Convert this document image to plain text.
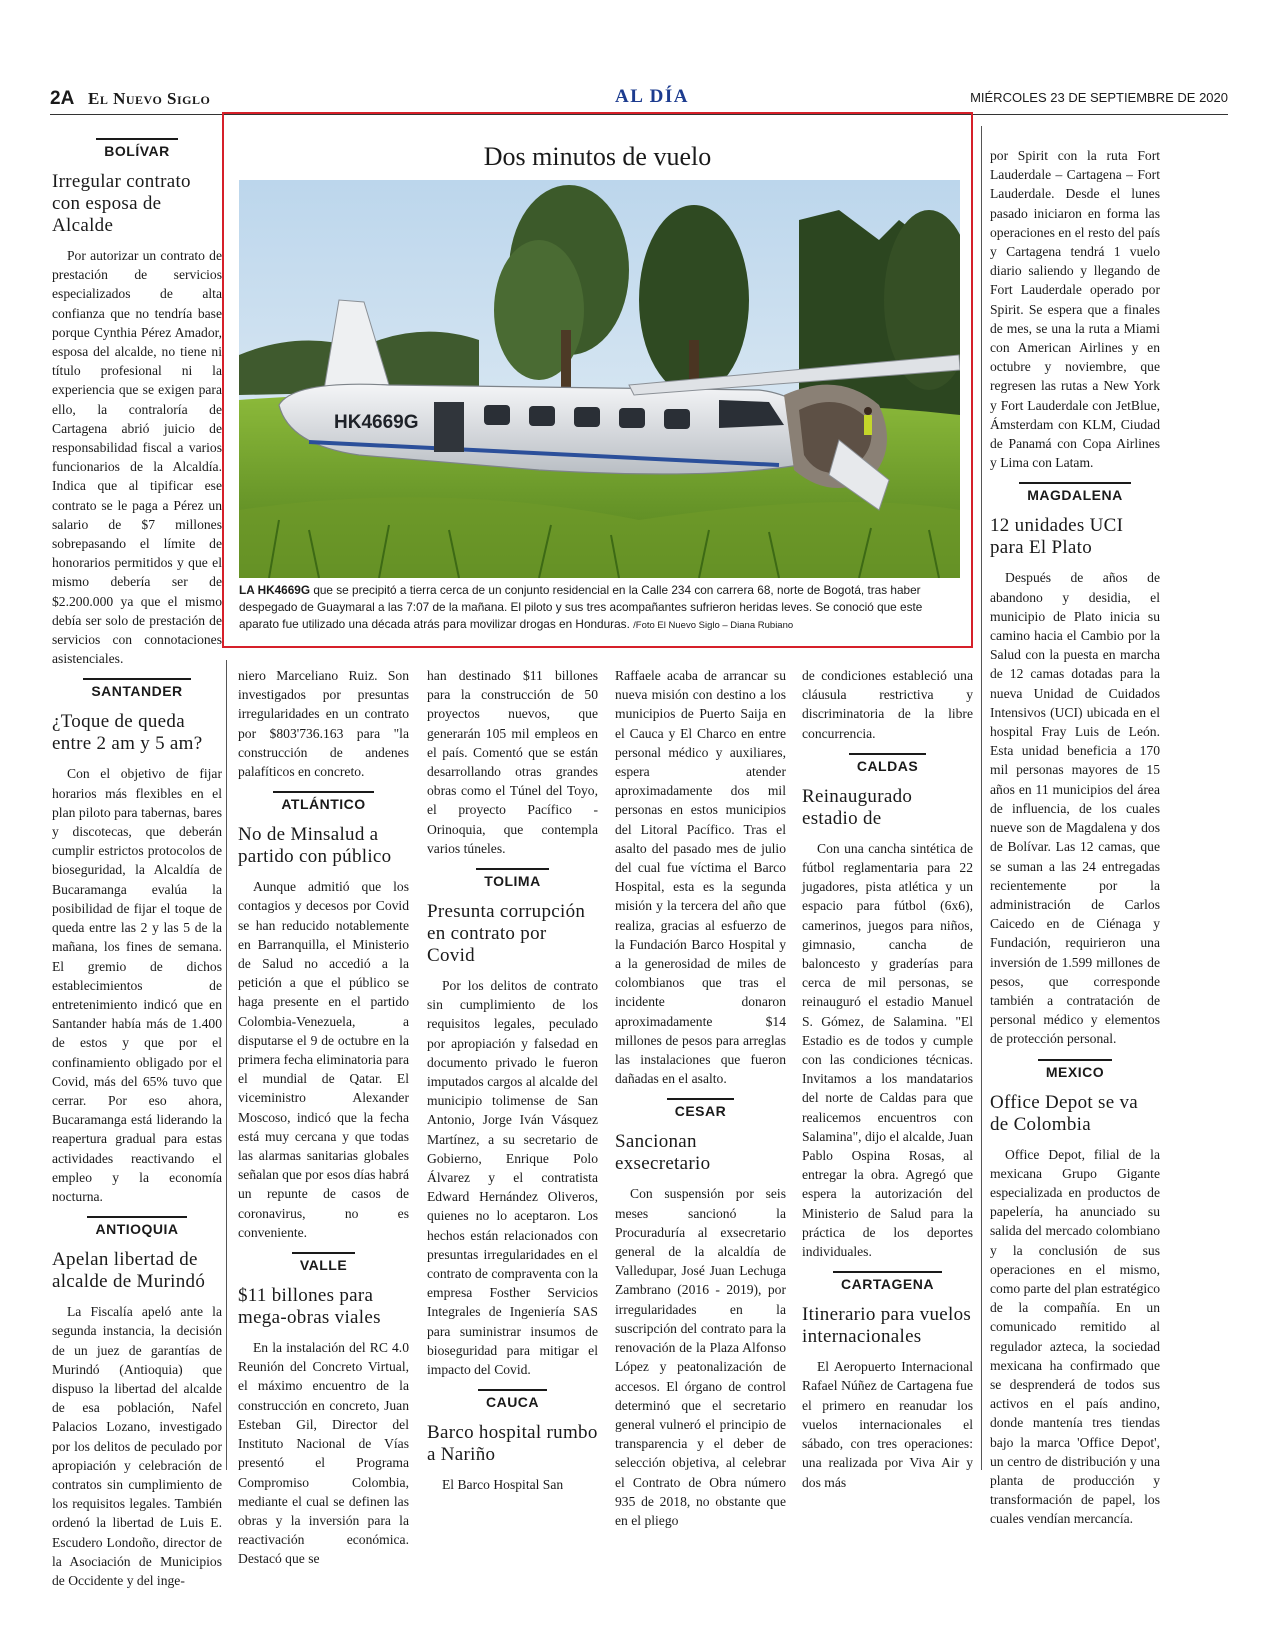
2A El Nuevo Siglo	AL DÍA	MIÉRCOLES 23 DE SEPTIEMBRE DE 2020
BOLÍVAR
Irregular contrato con esposa de Alcalde

Por autorizar un contrato de prestación de servicios especializados de alta confianza que no tendría base porque Cynthia Pérez Amador, esposa del alcalde, no tiene ni título profesional ni la experiencia que se exigen para ello, la contraloría de Cartagena abrió juicio de responsabilidad fiscal a varios funcionarios de la Alcaldía. Indica que al tipificar ese contrato se le paga a Pérez un salario de $7 millones sobrepasando el límite de honorarios permitidos y que el mismo debería ser de $2.200.000 ya que el mismo debía ser solo de prestación de servicios con connotaciones asistenciales.

SANTANDER
¿Toque de queda entre 2 am y 5 am?

Con el objetivo de fijar horarios más flexibles en el plan piloto para tabernas, bares y discotecas, que deberán cumplir estrictos protocolos de bioseguridad, la Alcaldía de Bucaramanga evalúa la posibilidad de fijar el toque de queda entre las 2 y las 5 de la mañana, los fines de semana. El gremio de dichos establecimientos de entretenimiento indicó que en Santander había más de 1.400 de estos y que por el confinamiento obligado por el Covid, más del 65% tuvo que cerrar. Por eso ahora, Bucaramanga está liderando la reapertura gradual para estas actividades reactivando el empleo y la economía nocturna.

ANTIOQUIA
Apelan libertad de alcalde de Murindó

La Fiscalía apeló ante la segunda instancia, la decisión de un juez de garantías de Murindó (Antioquia) que dispuso la libertad del alcalde de esa población, Nafel Palacios Lozano, investigado por los delitos de peculado por apropiación y celebración de contratos sin cumplimiento de los requisitos legales. También ordenó la libertad de Luis E. Escudero Londoño, director de la Asociación de Municipios de Occidente y del inge-

Dos minutos de vuelo
HK4669G
LA HK4669G que se precipitó a tierra cerca de un conjunto residencial en la Calle 234 con carrera 68, norte de Bogotá, tras haber despegado de Guaymaral a las 7:07 de la mañana. El piloto y sus tres acompañantes sufrieron heridas leves. Se conoció que este aparato fue utilizado una década atrás para movilizar drogas en Honduras. /Foto El Nuevo Siglo – Diana Rubiano

niero Marceliano Ruiz. Son investigados por presuntas irregularidades en un contrato por $803'736.163 para "la construcción de andenes palafíticos en concreto.

ATLÁNTICO
No de Minsalud a partido con público

Aunque admitió que los contagios y decesos por Covid se han reducido notablemente en Barranquilla, el Ministerio de Salud no accedió a la petición a que el público se haga presente en el partido Colombia-Venezuela, a disputarse el 9 de octubre en la primera fecha eliminatoria para el mundial de Qatar. El viceministro Alexander Moscoso, indicó que la fecha está muy cercana y que todas las alarmas sanitarias globales señalan que por esos días habrá un repunte de casos de coronavirus, no es conveniente.

VALLE
$11 billones para mega-obras viales

En la instalación del RC 4.0 Reunión del Concreto Virtual, el máximo encuentro de la construcción en concreto, Juan Esteban Gil, Director del Instituto Nacional de Vías presentó el Programa Compromiso Colombia, mediante el cual se definen las obras y la inversión para la reactivación económica. Destacó que se

han destinado $11 billones para la construcción de 50 proyectos nuevos, que generarán 105 mil empleos en el país. Comentó que se están desarrollando otras grandes obras como el Túnel del Toyo, el proyecto Pacífico - Orinoquia, que contempla varios túneles.

TOLIMA
Presunta corrupción en contrato por Covid

Por los delitos de contrato sin cumplimiento de los requisitos legales, peculado por apropiación y falsedad en documento privado le fueron imputados cargos al alcalde del municipio tolimense de San Antonio, Jorge Iván Vásquez Martínez, a su secretario de Gobierno, Enrique Polo Álvarez y el contratista Edward Hernández Oliveros, quienes no lo aceptaron. Los hechos están relacionados con presuntas irregularidades en el contrato de compraventa con la empresa Fosther Servicios Integrales de Ingeniería SAS para suministrar insumos de bioseguridad para mitigar el impacto del Covid.

CAUCA
Barco hospital rumbo a Nariño

El Barco Hospital San

Raffaele acaba de arrancar su nueva misión con destino a los municipios de Puerto Saija en el Cauca y El Charco en entre personal médico y auxiliares, espera atender aproximadamente dos mil personas en estos municipios del Litoral Pacífico. Tras el asalto del pasado mes de julio del cual fue víctima el Barco Hospital, esta es la segunda misión y la tercera del año que realiza, gracias al esfuerzo de la Fundación Barco Hospital y a la generosidad de miles de colombianos que tras el incidente donaron aproximadamente $14 millones de pesos para arreglas las instalaciones que fueron dañadas en el asalto.

CESAR
Sancionan exsecretario

Con suspensión por seis meses sancionó la Procuraduría al exsecretario general de la alcaldía de Valledupar, José Juan Lechuga Zambrano (2016 - 2019), por irregularidades en la suscripción del contrato para la renovación de la Plaza Alfonso López y peatonalización de accesos. El órgano de control determinó que el secretario general vulneró el principio de transparencia y el deber de selección objetiva, al celebrar el Contrato de Obra número 935 de 2018, no obstante que en el pliego

de condiciones estableció una cláusula restrictiva y discriminatoria de la libre concurrencia.

CALDAS
Reinaugurado estadio de

Con una cancha sintética de fútbol reglamentaria para 22 jugadores, pista atlética y un espacio para fútbol (6x6), camerinos, juegos para niños, gimnasio, cancha de baloncesto y graderías para cerca de mil personas, se reinauguró el estadio Manuel S. Gómez, de Salamina. "El Estadio es de todos y cumple con las condiciones técnicas. Invitamos a los mandatarios del norte de Caldas para que realicemos encuentros con Salamina", dijo el alcalde, Juan Pablo Ospina Rosas, al entregar la obra. Agregó que espera la autorización del Ministerio de Salud para la práctica de los deportes individuales.

CARTAGENA
Itinerario para vuelos internacionales

El Aeropuerto Internacional Rafael Núñez de Cartagena fue el primero en reanudar los vuelos internacionales el sábado, con tres operaciones: una realizada por Viva Air y dos más

por Spirit con la ruta Fort Lauderdale – Cartagena – Fort Lauderdale. Desde el lunes pasado iniciaron en forma las operaciones en el resto del país y Cartagena tendrá 1 vuelo diario saliendo y llegando de Fort Lauderdale operado por Spirit. Se espera que a finales de mes, se una la ruta a Miami con American Airlines y en octubre y noviembre, que regresen las rutas a New York y Fort Lauderdale con JetBlue, Ámsterdam con KLM, Ciudad de Panamá con Copa Airlines y Lima con Latam.

MAGDALENA
12 unidades UCI para El Plato

Después de años de abandono y desidia, el municipio de Plato inicia su camino hacia el Cambio por la Salud con la puesta en marcha de 12 camas dotadas para la nueva Unidad de Cuidados Intensivos (UCI) ubicada en el hospital Fray Luis de León. Esta unidad beneficia a 170 mil personas mayores de 15 años en 11 municipios del área de influencia, de los cuales nueve son de Magdalena y dos de Bolívar. Las 12 camas, que se suman a las 24 entregadas recientemente por la administración de Carlos Caicedo en de Ciénaga y Fundación, requirieron una inversión de 1.599 millones de pesos, que corresponde también a contratación de personal médico y elementos de protección personal.

MEXICO
Office Depot se va de Colombia

Office Depot, filial de la mexicana Grupo Gigante especializada en productos de papelería, ha anunciado su salida del mercado colombiano y la conclusión de sus operaciones en el mismo, como parte del plan estratégico de la compañía. En un comunicado remitido al regulador azteca, la sociedad mexicana ha confirmado que se desprenderá de todos sus activos en el país andino, donde mantenía tres tiendas bajo la marca 'Office Depot', un centro de distribución y una planta de producción y transformación de papel, los cuales vendían mercancía.
